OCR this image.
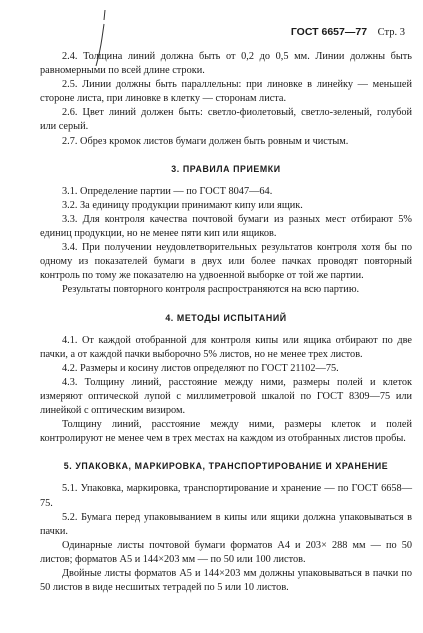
ГОСТ 6657—77 Стр. 3

2.4. Толщина линий должна быть от 0,2 до 0,5 мм. Линии должны быть равномерными по всей длине строки.

2.5. Линии должны быть параллельны: при линовке в линейку — меньшей стороне листа, при линовке в клетку — сторонам листа.

2.6. Цвет линий должен быть: светло-фиолетовый, светло-зеленый, голубой или серый.

2.7. Обрез кромок листов бумаги должен быть ровным и чистым.

3. ПРАВИЛА ПРИЕМКИ

3.1. Определение партии — по ГОСТ 8047—64.

3.2. За единицу продукции принимают кипу или ящик.

3.3. Для контроля качества почтовой бумаги из разных мест отбирают 5% единиц продукции, но не менее пяти кип или ящиков.

3.4. При получении неудовлетворительных результатов контроля хотя бы по одному из показателей бумаги в двух или более пачках проводят повторный контроль по тому же показателю на удвоенной выборке от той же партии.

Результаты повторного контроля распространяются на всю партию.

4. МЕТОДЫ ИСПЫТАНИЙ

4.1. От каждой отобранной для контроля кипы или ящика отбирают по две пачки, а от каждой пачки выборочно 5% листов, но не менее трех листов.

4.2. Размеры и косину листов определяют по ГОСТ 21102—75.

4.3. Толщину линий, расстояние между ними, размеры полей и клеток измеряют оптической лупой с миллиметровой шкалой по ГОСТ 8309—75 или линейкой с оптическим визиром.

Толщину линий, расстояние между ними, размеры клеток и полей контролируют не менее чем в трех местах на каждом из отобранных листов пробы.

5. УПАКОВКА, МАРКИРОВКА, ТРАНСПОРТИРОВАНИЕ И ХРАНЕНИЕ

5.1. Упаковка, маркировка, транспортирование и хранение — по ГОСТ 6658—75.

5.2. Бумага перед упаковыванием в кипы или ящики должна упаковываться в пачки.

Одинарные листы почтовой бумаги форматов А4 и 203× 288 мм — по 50 листов; форматов А5 и 144×203 мм — по 50 или 100 листов.

Двойные листы форматов А5 и 144×203 мм должны упаковываться в пачки по 50 листов в виде несшитых тетрадей по 5 или 10 листов.
